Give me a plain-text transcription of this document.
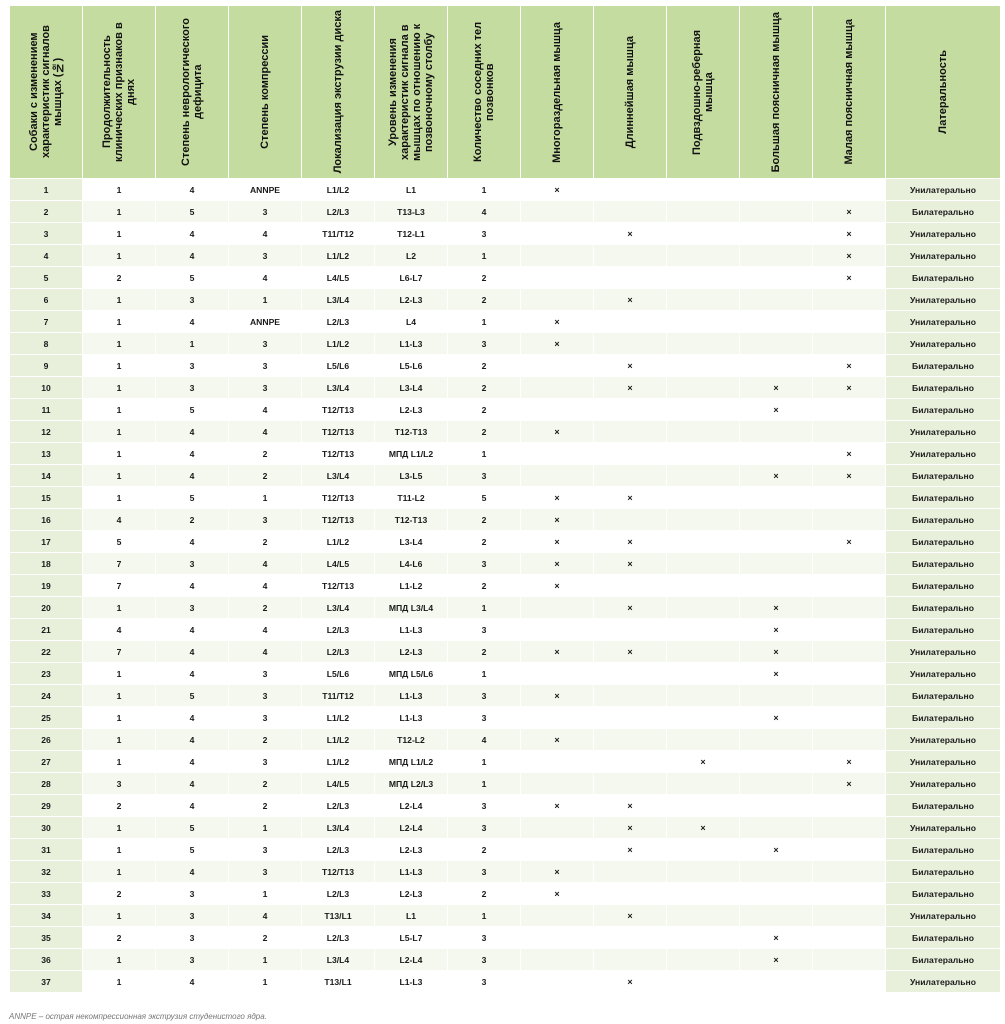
Собаки с изменением характеристик сигналов мышцах (№)	Продолжительность клинических признаков в днях	Степень неврологического дефицита	Степень компрессии	Локализация экструзии диска	Уровень изменения характеристик сигнала в мышцах по отношению к позвоночному столбу	Количество соседних тел позвонков	Многораздельная мышца	Длиннейшая мышца	Подвздошно-реберная мышца	Большая поясничная мышца	Малая поясничная мышца	Латеральность

1	1	4	ANNPE	L1/L2	L1	1	×					Унилатерально
2	1	5	3	L2/L3	T13-L3	4					×	Билатерально
3	1	4	4	T11/T12	T12-L1	3		×			×	Унилатерально
4	1	4	3	L1/L2	L2	1					×	Унилатерально
5	2	5	4	L4/L5	L6-L7	2					×	Билатерально
6	1	3	1	L3/L4	L2-L3	2		×				Унилатерально
7	1	4	ANNPE	L2/L3	L4	1	×					Унилатерально
8	1	1	3	L1/L2	L1-L3	3	×					Унилатерально
9	1	3	3	L5/L6	L5-L6	2		×			×	Билатерально
10	1	3	3	L3/L4	L3-L4	2		×		×	×	Билатерально
11	1	5	4	T12/T13	L2-L3	2				×		Билатерально
12	1	4	4	T12/T13	T12-T13	2	×					Унилатерально
13	1	4	2	T12/T13	МПД L1/L2	1					×	Унилатерально
14	1	4	2	L3/L4	L3-L5	3				×	×	Билатерально
15	1	5	1	T12/T13	T11-L2	5	×	×				Билатерально
16	4	2	3	T12/T13	T12-T13	2	×					Билатерально
17	5	4	2	L1/L2	L3-L4	2	×	×			×	Билатерально
18	7	3	4	L4/L5	L4-L6	3	×	×				Билатерально
19	7	4	4	T12/T13	L1-L2	2	×					Билатерально
20	1	3	2	L3/L4	МПД L3/L4	1		×		×		Билатерально
21	4	4	4	L2/L3	L1-L3	3				×		Билатерально
22	7	4	4	L2/L3	L2-L3	2	×	×		×		Унилатерально
23	1	4	3	L5/L6	МПД L5/L6	1				×		Унилатерально
24	1	5	3	T11/T12	L1-L3	3	×					Билатерально
25	1	4	3	L1/L2	L1-L3	3				×		Билатерально
26	1	4	2	L1/L2	T12-L2	4	×					Унилатерально
27	1	4	3	L1/L2	МПД L1/L2	1			×		×	Унилатерально
28	3	4	2	L4/L5	МПД L2/L3	1					×	Унилатерально
29	2	4	2	L2/L3	L2-L4	3	×	×				Билатерально
30	1	5	1	L3/L4	L2-L4	3		×	×			Унилатерально
31	1	5	3	L2/L3	L2-L3	2		×		×		Билатерально
32	1	4	3	T12/T13	L1-L3	3	×					Билатерально
33	2	3	1	L2/L3	L2-L3	2	×					Билатерально
34	1	3	4	T13/L1	L1	1		×				Унилатерально
35	2	3	2	L2/L3	L5-L7	3				×		Билатерально
36	1	3	1	L3/L4	L2-L4	3				×		Билатерально
37	1	4	1	T13/L1	L1-L3	3		×				Унилатерально
ANNPE – острая некомпрессионная экструзия студенистого ядра.
